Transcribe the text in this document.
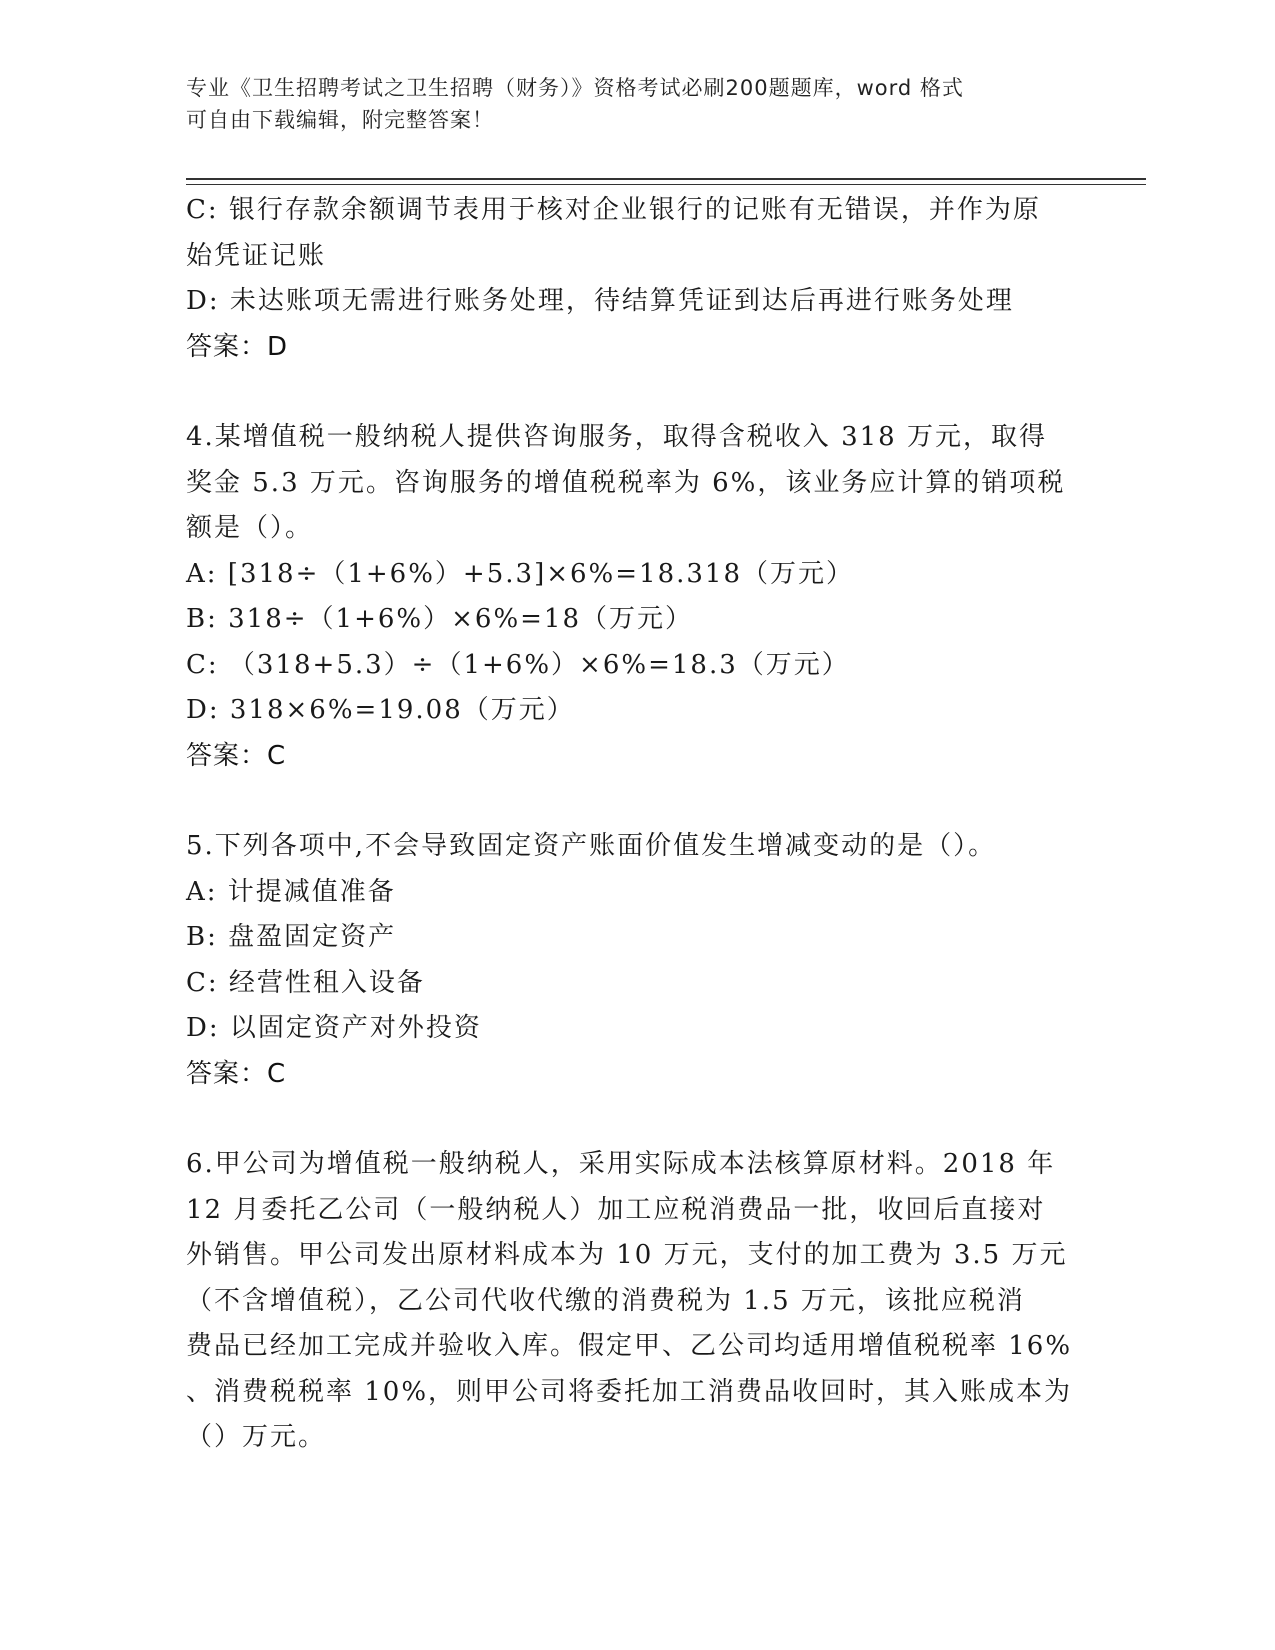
专业《卫生招聘考试之卫生招聘（财务）》资格考试必刷200题题库，word 格式
可自由下载编辑，附完整答案！
C: 银行存款余额调节表用于核对企业银行的记账有无错误，并作为原
始凭证记账
D: 未达账项无需进行账务处理，待结算凭证到达后再进行账务处理
答案：D
4.某增值税一般纳税人提供咨询服务，取得含税收入 318 万元，取得
奖金 5.3 万元。咨询服务的增值税税率为 6%，该业务应计算的销项税
额是（）。
A: [318÷（1+6%）+5.3]×6%=18.318（万元）
B: 318÷（1+6%）×6%=18（万元）
C: （318+5.3）÷（1+6%）×6%=18.3（万元）
D: 318×6%=19.08（万元）
答案：C
5.下列各项中,不会导致固定资产账面价值发生增减变动的是（）。
A: 计提减值准备
B: 盘盈固定资产
C: 经营性租入设备
D: 以固定资产对外投资
答案：C
6.甲公司为增值税一般纳税人，采用实际成本法核算原材料。2018 年
12 月委托乙公司（一般纳税人）加工应税消费品一批，收回后直接对
外销售。甲公司发出原材料成本为 10 万元，支付的加工费为 3.5 万元
（不含增值税），乙公司代收代缴的消费税为 1.5 万元，该批应税消
费品已经加工完成并验收入库。假定甲、乙公司均适用增值税税率 16%
、消费税税率 10%，则甲公司将委托加工消费品收回时，其入账成本为
（）万元。
